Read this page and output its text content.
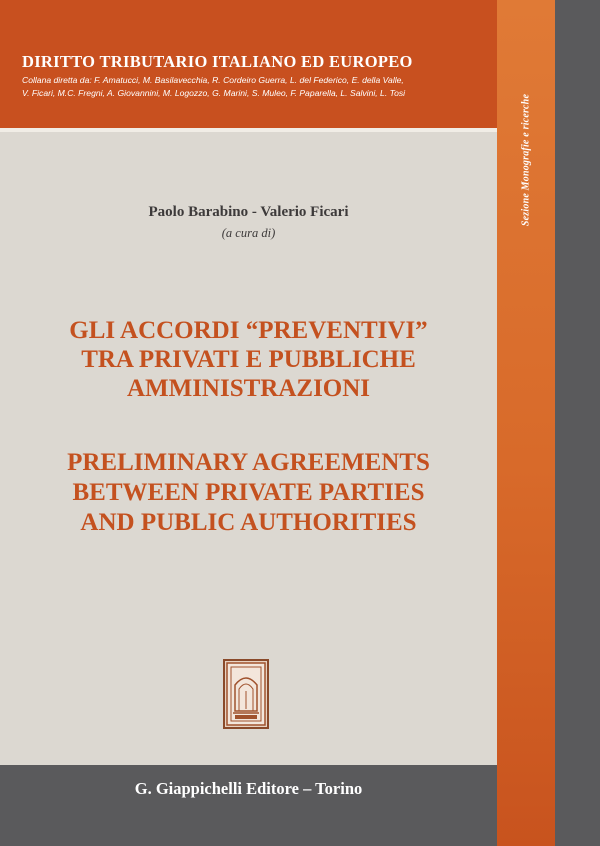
DIRITTO TRIBUTARIO ITALIANO ED EUROPEO
Collana diretta da: F. Amatucci, M. Basilavecchia, R. Cordeiro Guerra, L. del Federico, E. della Valle,
V. Ficari, M.C. Fregni, A. Giovannini, M. Logozzo, G. Marini, S. Muleo, F. Paparella, L. Salvini, L. Tosi
Paolo Barabino - Valerio Ficari
(a cura di)
GLI ACCORDI “PREVENTIVI”
TRA PRIVATI E PUBBLICHE
AMMINISTRAZIONI
PRELIMINARY AGREEMENTS
BETWEEN PRIVATE PARTIES
AND PUBLIC AUTHORITIES
G. Giappichelli Editore – Torino
Sezione Monografie e ricerche
